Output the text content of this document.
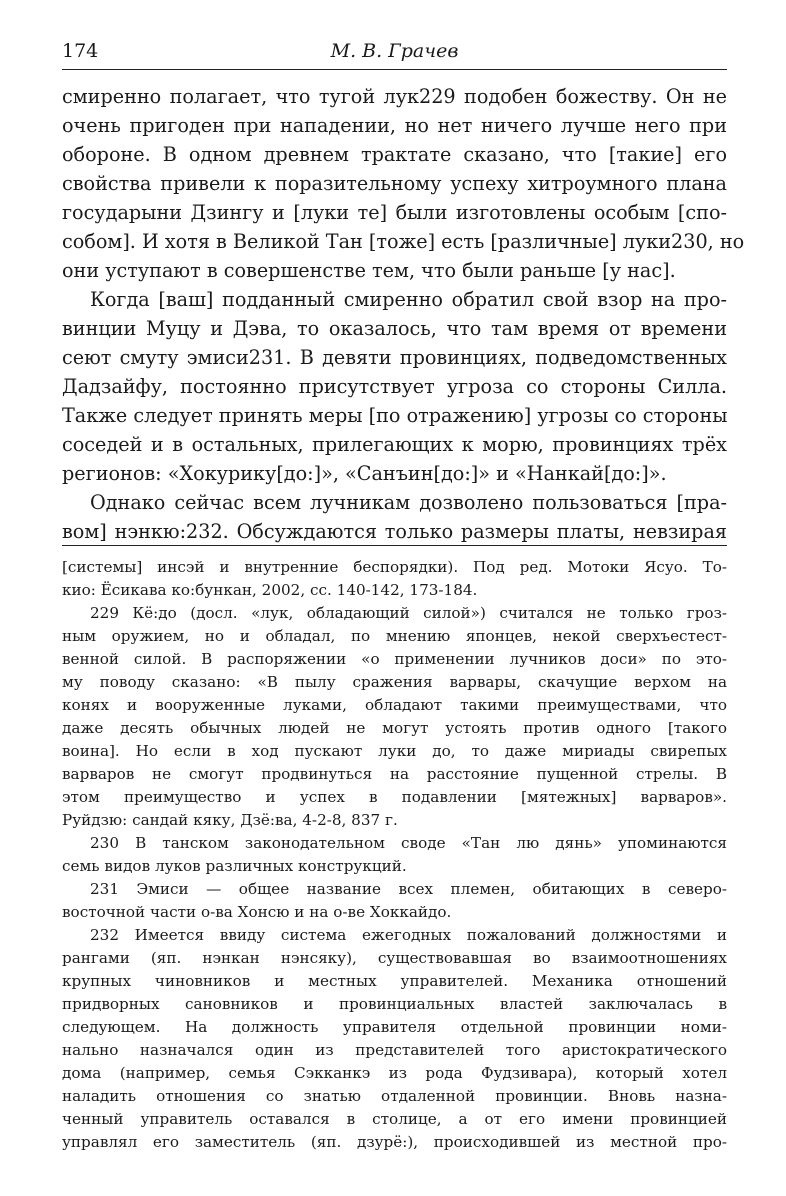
174	М. В. Грачев
смиренно полагает, что тугой лук229 подобен божеству. Он не
очень пригоден при нападении, но нет ничего лучше него при
обороне. В одном древнем трактате сказано, что [такие] его
свойства привели к поразительному успеху хитроумного плана
государыни Дзингу и [луки те] были изготовлены особым [спо-
собом]. И хотя в Великой Тан [тоже] есть [различные] луки230, но
они уступают в совершенстве тем, что были раньше [у нас].
Когда [ваш] подданный смиренно обратил свой взор на про-
винции Муцу и Дэва, то оказалось, что там время от времени
сеют смуту эмиси231. В девяти провинциях, подведомственных
Дадзайфу, постоянно присутствует угроза со стороны Силла.
Также следует принять меры [по отражению] угрозы со стороны
соседей и в остальных, прилегающих к морю, провинциях трёх
регионов: «Хокурику[до:]», «Санъин[до:]» и «Нанкай[до:]».
Однако сейчас всем лучникам дозволено пользоваться [пра-
вом] нэнкю:232. Обсуждаются только размеры платы, невзирая
[системы] инсэй и внутренние беспорядки). Под ред. Мотоки Ясуо. То-
кио: Ёсикава ко:бункан, 2002, сс. 140-142, 173-184.
229 Кё:до (досл. «лук, обладающий силой») считался не только гроз-
ным оружием, но и обладал, по мнению японцев, некой сверхъестест-
венной силой. В распоряжении «о применении лучников доси» по это-
му поводу сказано: «В пылу сражения варвары, скачущие верхом на
конях и вооруженные луками, обладают такими преимуществами, что
даже десять обычных людей не могут устоять против одного [такого
воина]. Но если в ход пускают луки до, то даже мириады свирепых
варваров не смогут продвинуться на расстояние пущенной стрелы. В
этом преимущество и успех в подавлении [мятежных] варваров».
Руйдзю: сандай кяку, Дзё:ва, 4-2-8, 837 г.
230 В танском законодательном своде «Тан лю дянь» упоминаются
семь видов луков различных конструкций.
231 Эмиси — общее название всех племен, обитающих в северо-
восточной части о-ва Хонсю и на о-ве Хоккайдо.
232 Имеется ввиду система ежегодных пожалований должностями и
рангами (яп. нэнкан нэнсяку), существовавшая во взаимоотношениях
крупных чиновников и местных управителей. Механика отношений
придворных сановников и провинциальных властей заключалась в
следующем. На должность управителя отдельной провинции номи-
нально назначался один из представителей того аристократического
дома (например, семья Сэкканкэ из рода Фудзивара), который хотел
наладить отношения со знатью отдаленной провинции. Вновь назна-
ченный управитель оставался в столице, а от его имени провинцией
управлял его заместитель (яп. дзурё:), происходившей из местной про-
